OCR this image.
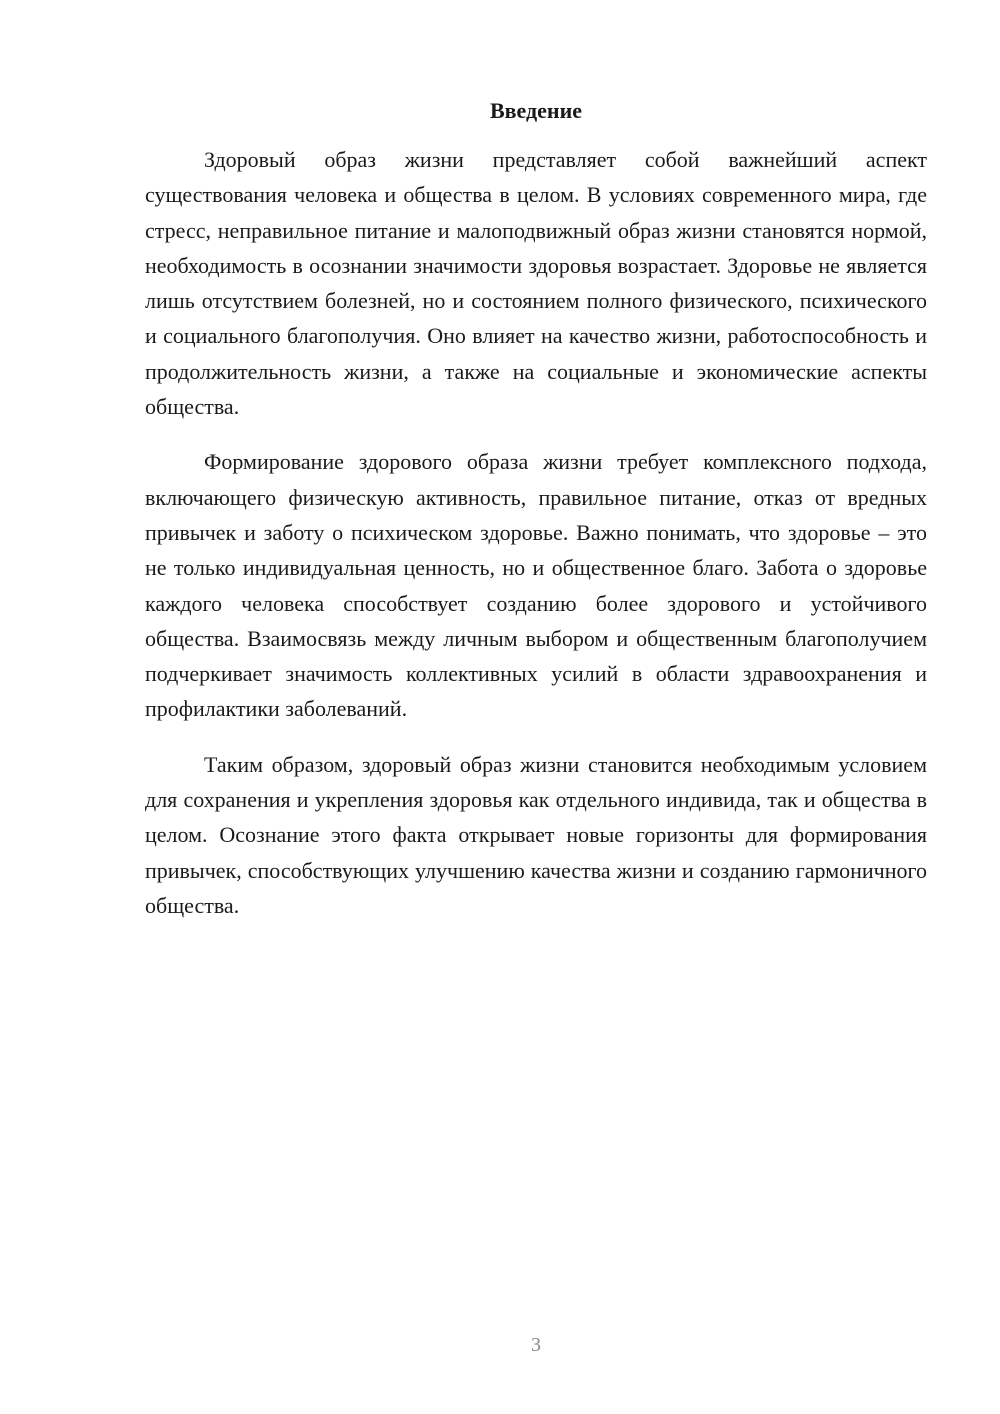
Введение

Здоровый образ жизни представляет собой важнейший аспект существования человека и общества в целом. В условиях современного мира, где стресс, неправильное питание и малоподвижный образ жизни становятся нормой, необходимость в осознании значимости здоровья возрастает. Здоровье не является лишь отсутствием болезней, но и состоянием полного физического, психического и социального благополучия. Оно влияет на качество жизни, работоспособность и продолжительность жизни, а также на социальные и экономические аспекты общества.

Формирование здорового образа жизни требует комплексного подхода, включающего физическую активность, правильное питание, отказ от вредных привычек и заботу о психическом здоровье. Важно понимать, что здоровье – это не только индивидуальная ценность, но и общественное благо. Забота о здоровье каждого человека способствует созданию более здорового и устойчивого общества. Взаимосвязь между личным выбором и общественным благополучием подчеркивает значимость коллективных усилий в области здравоохранения и профилактики заболеваний.

Таким образом, здоровый образ жизни становится необходимым условием для сохранения и укрепления здоровья как отдельного индивида, так и общества в целом. Осознание этого факта открывает новые горизонты для формирования привычек, способствующих улучшению качества жизни и созданию гармоничного общества.

3
